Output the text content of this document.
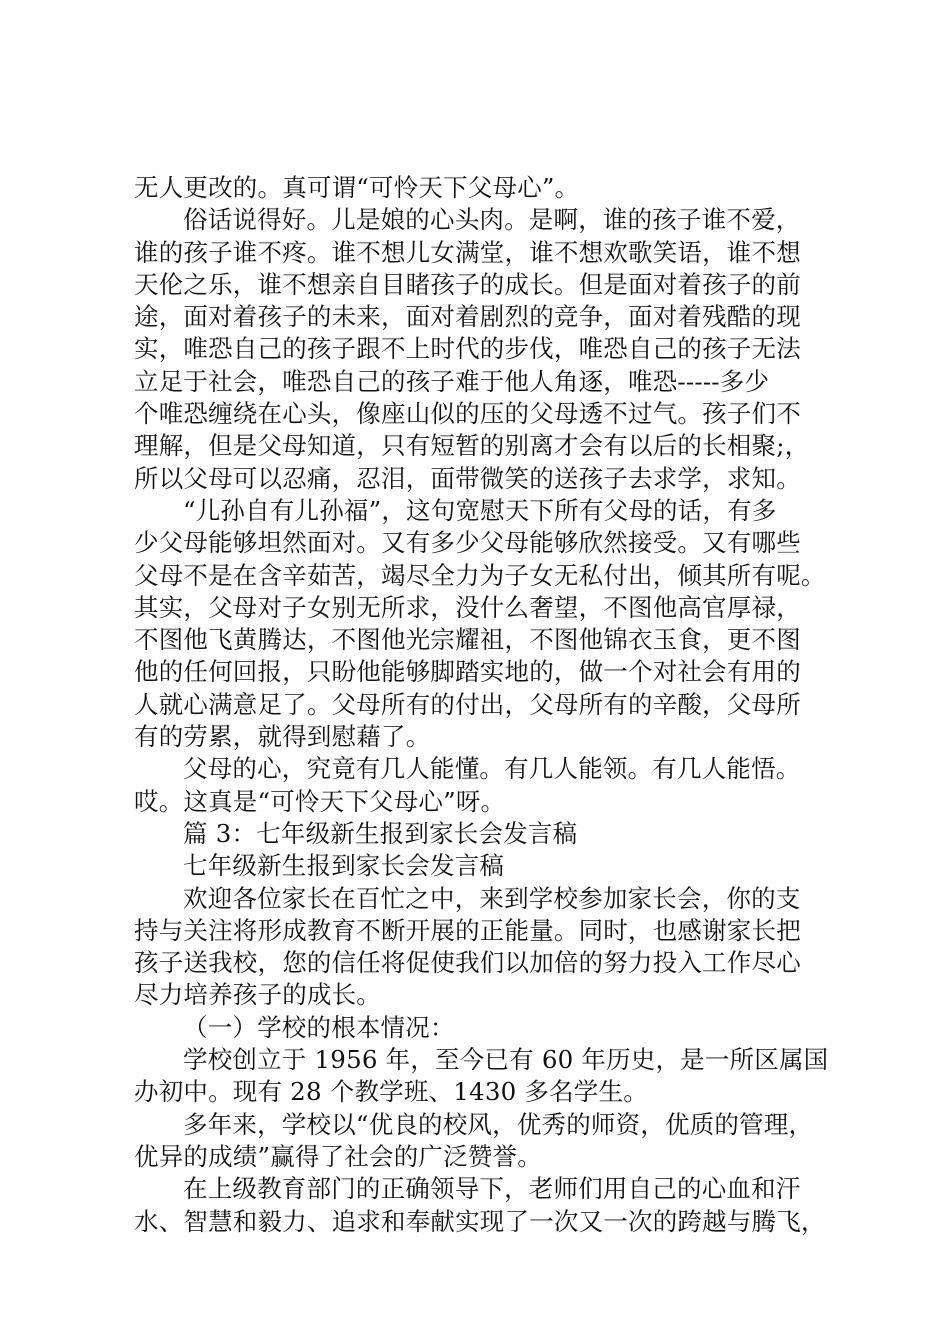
无人更改的。真可谓“可怜天下父母心”。
俗话说得好。儿是娘的心头肉。是啊，谁的孩子谁不爱，
谁的孩子谁不疼。谁不想儿女满堂，谁不想欢歌笑语，谁不想
天伦之乐，谁不想亲自目睹孩子的成长。但是面对着孩子的前
途，面对着孩子的未来，面对着剧烈的竞争，面对着残酷的现
实，唯恐自己的孩子跟不上时代的步伐，唯恐自己的孩子无法
立足于社会，唯恐自己的孩子难于他人角逐，唯恐-----多少
个唯恐缠绕在心头，像座山似的压的父母透不过气。孩子们不
理解，但是父母知道，只有短暂的别离才会有以后的长相聚;，
所以父母可以忍痛，忍泪，面带微笑的送孩子去求学，求知。
“儿孙自有儿孙福”，这句宽慰天下所有父母的话，有多
少父母能够坦然面对。又有多少父母能够欣然接受。又有哪些
父母不是在含辛茹苦，竭尽全力为子女无私付出，倾其所有呢。
其实，父母对子女别无所求，没什么奢望，不图他高官厚禄，
不图他飞黄腾达，不图他光宗耀祖，不图他锦衣玉食，更不图
他的任何回报，只盼他能够脚踏实地的，做一个对社会有用的
人就心满意足了。父母所有的付出，父母所有的辛酸，父母所
有的劳累，就得到慰藉了。
父母的心，究竟有几人能懂。有几人能领。有几人能悟。
哎。这真是“可怜天下父母心”呀。
篇 3：七年级新生报到家长会发言稿
七年级新生报到家长会发言稿
欢迎各位家长在百忙之中，来到学校参加家长会，你的支
持与关注将形成教育不断开展的正能量。同时，也感谢家长把
孩子送我校，您的信任将促使我们以加倍的努力投入工作尽心
尽力培养孩子的成长。
（一）学校的根本情况：
学校创立于 1956 年，至今已有 60 年历史，是一所区属国
办初中。现有 28 个教学班、1430 多名学生。
多年来，学校以“优良的校风，优秀的师资，优质的管理，
优异的成绩”赢得了社会的广泛赞誉。
在上级教育部门的正确领导下，老师们用自己的心血和汗
水、智慧和毅力、追求和奉献实现了一次又一次的跨越与腾飞，
